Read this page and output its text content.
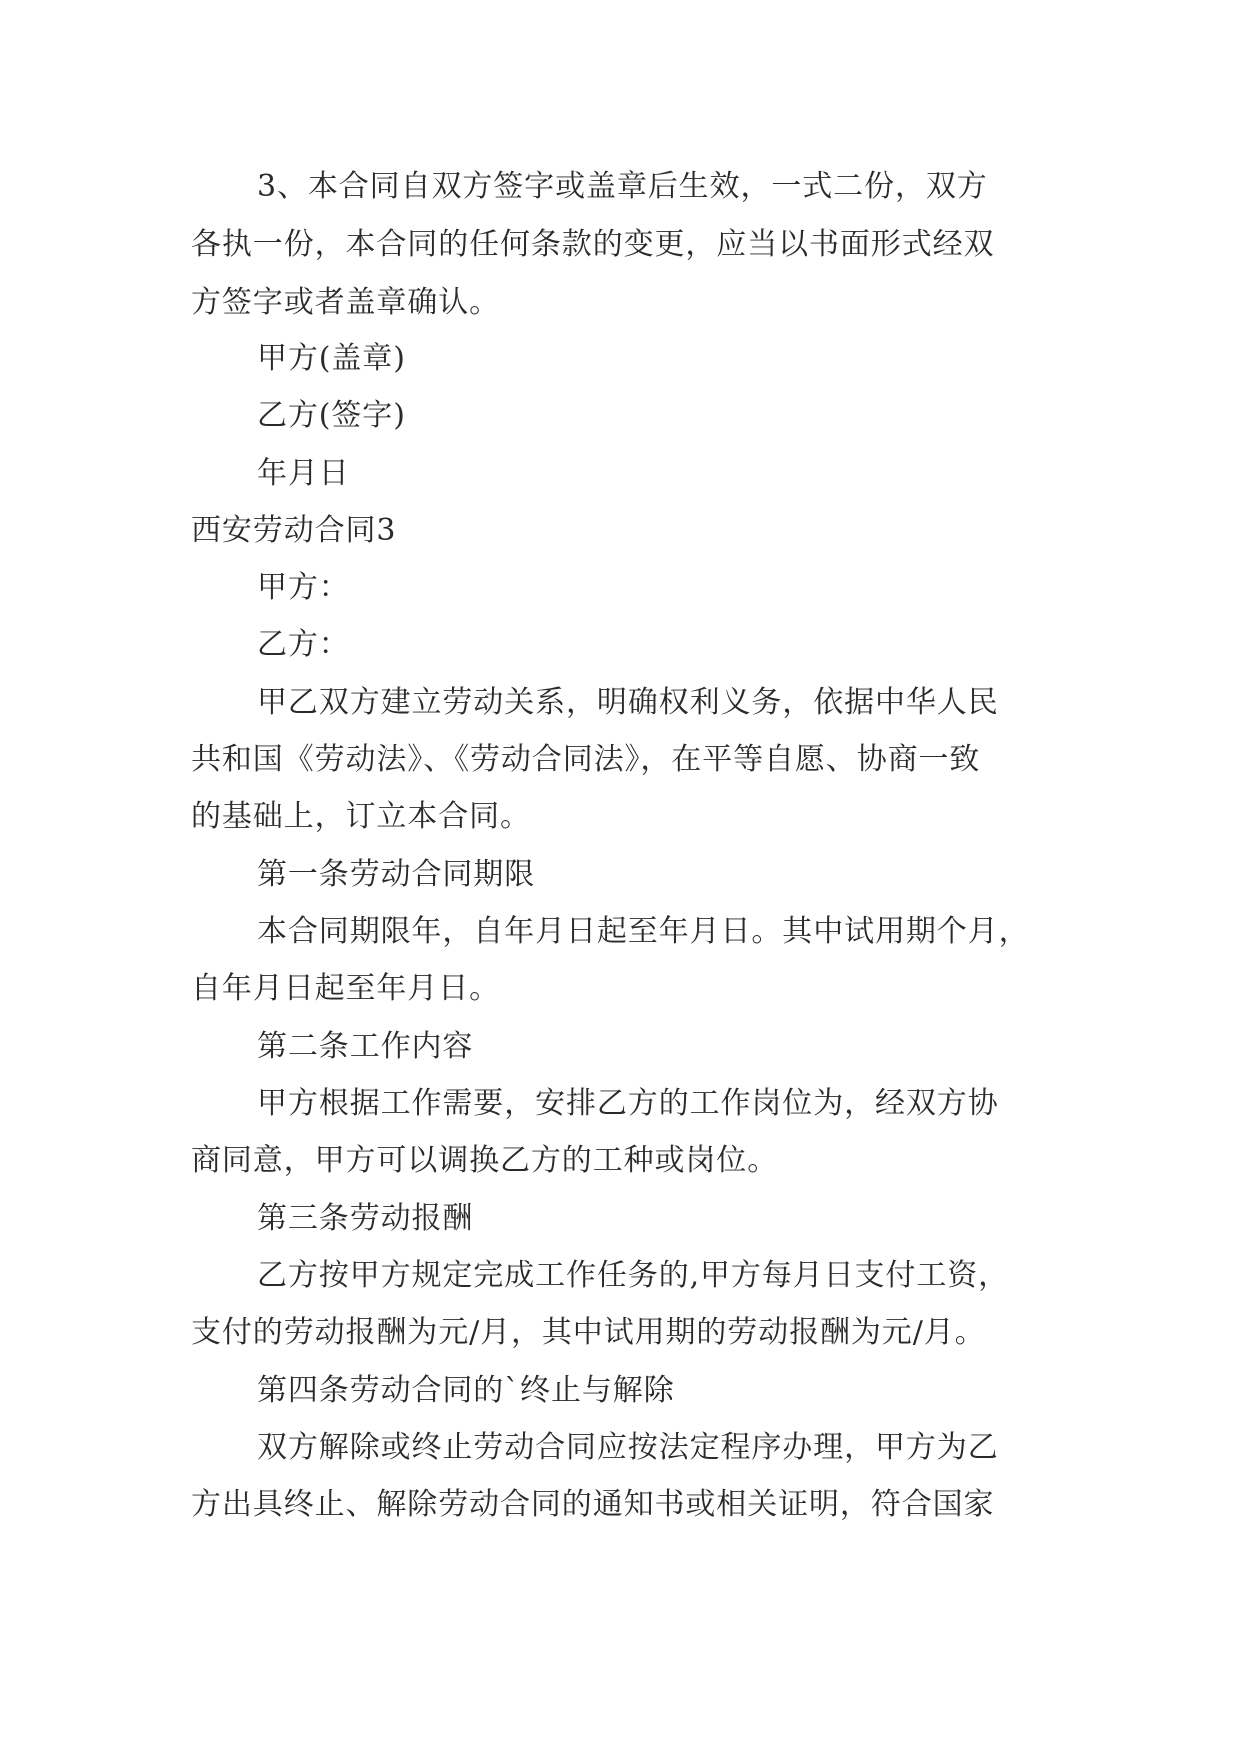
3、本合同自双方签字或盖章后生效，一式二份，双方
各执一份，本合同的任何条款的变更，应当以书面形式经双
方签字或者盖章确认。
甲方(盖章)
乙方(签字)
年月日
西安劳动合同3
甲方：
乙方：
甲乙双方建立劳动关系，明确权利义务，依据中华人民
共和国《劳动法》、《劳动合同法》，在平等自愿、协商一致
的基础上，订立本合同。
第一条劳动合同期限
本合同期限年，自年月日起至年月日。其中试用期个月，
自年月日起至年月日。
第二条工作内容
甲方根据工作需要，安排乙方的工作岗位为，经双方协
商同意，甲方可以调换乙方的工种或岗位。
第三条劳动报酬
乙方按甲方规定完成工作任务的,甲方每月日支付工资，
支付的劳动报酬为元/月，其中试用期的劳动报酬为元/月。
第四条劳动合同的`终止与解除
双方解除或终止劳动合同应按法定程序办理，甲方为乙
方出具终止、解除劳动合同的通知书或相关证明，符合国家
